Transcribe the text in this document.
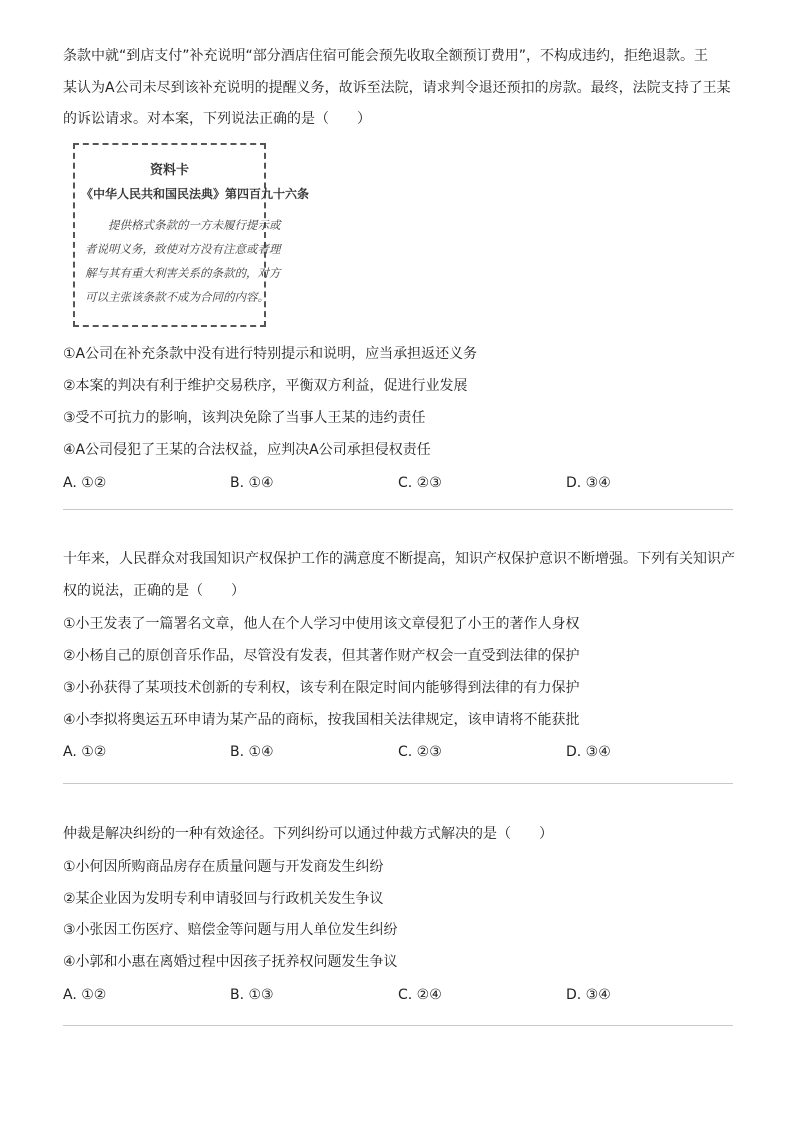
条款中就“到店支付”补充说明“部分酒店住宿可能会预先收取全额预订费用”，不构成违约，拒绝退款。王
某认为A公司未尽到该补充说明的提醒义务，故诉至法院，请求判令退还预扣的房款。最终，法院支持了王某
的诉讼请求。对本案，下列说法正确的是（　　）
资料卡
《中华人民共和国民法典》第四百九十六条
　　提供格式条款的一方未履行提示或
者说明义务，致使对方没有注意或者理
解与其有重大利害关系的条款的，对方
可以主张该条款不成为合同的内容。
①A公司在补充条款中没有进行特别提示和说明，应当承担返还义务
②本案的判决有利于维护交易秩序，平衡双方利益，促进行业发展
③受不可抗力的影响，该判决免除了当事人王某的违约责任
④A公司侵犯了王某的合法权益，应判决A公司承担侵权责任
A. ①②	B. ①④	C. ②③	D. ③④
十年来，人民群众对我国知识产权保护工作的满意度不断提高，知识产权保护意识不断增强。下列有关知识产
权的说法，正确的是（　　）
①小王发表了一篇署名文章，他人在个人学习中使用该文章侵犯了小王的著作人身权
②小杨自己的原创音乐作品，尽管没有发表，但其著作财产权会一直受到法律的保护
③小孙获得了某项技术创新的专利权，该专利在限定时间内能够得到法律的有力保护
④小李拟将奥运五环申请为某产品的商标，按我国相关法律规定，该申请将不能获批
A. ①②	B. ①④	C. ②③	D. ③④
仲裁是解决纠纷的一种有效途径。下列纠纷可以通过仲裁方式解决的是（　　）
①小何因所购商品房存在质量问题与开发商发生纠纷
②某企业因为发明专利申请驳回与行政机关发生争议
③小张因工伤医疗、赔偿金等问题与用人单位发生纠纷
④小郭和小惠在离婚过程中因孩子抚养权问题发生争议
A. ①②	B. ①③	C. ②④	D. ③④
